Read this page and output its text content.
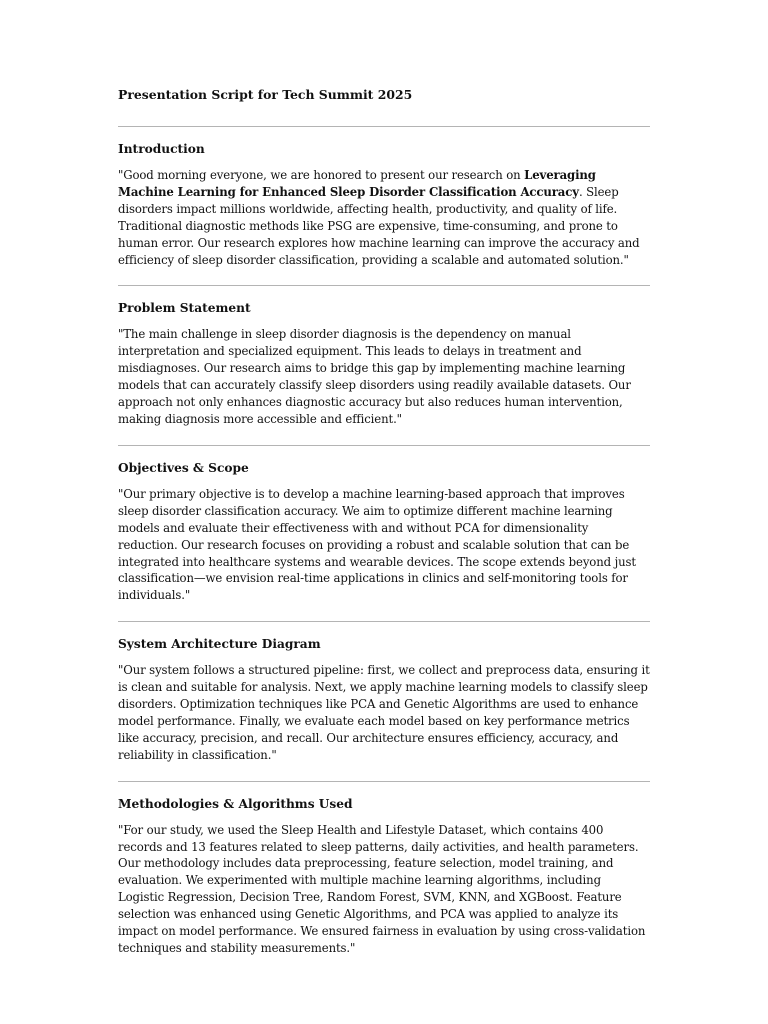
Presentation Script for Tech Summit 2025
Introduction

"Good morning everyone, we are honored to present our research on Leveraging Machine Learning for Enhanced Sleep Disorder Classification Accuracy. Sleep disorders impact millions worldwide, affecting health, productivity, and quality of life. Traditional diagnostic methods like PSG are expensive, time-consuming, and prone to human error. Our research explores how machine learning can improve the accuracy and efficiency of sleep disorder classification, providing a scalable and automated solution."

Problem Statement

"The main challenge in sleep disorder diagnosis is the dependency on manual interpretation and specialized equipment. This leads to delays in treatment and misdiagnoses. Our research aims to bridge this gap by implementing machine learning models that can accurately classify sleep disorders using readily available datasets. Our approach not only enhances diagnostic accuracy but also reduces human intervention, making diagnosis more accessible and efficient."

Objectives & Scope

"Our primary objective is to develop a machine learning-based approach that improves sleep disorder classification accuracy. We aim to optimize different machine learning models and evaluate their effectiveness with and without PCA for dimensionality reduction. Our research focuses on providing a robust and scalable solution that can be integrated into healthcare systems and wearable devices. The scope extends beyond just classification—we envision real-time applications in clinics and self-monitoring tools for individuals."

System Architecture Diagram

"Our system follows a structured pipeline: first, we collect and preprocess data, ensuring it is clean and suitable for analysis. Next, we apply machine learning models to classify sleep disorders. Optimization techniques like PCA and Genetic Algorithms are used to enhance model performance. Finally, we evaluate each model based on key performance metrics like accuracy, precision, and recall. Our architecture ensures efficiency, accuracy, and reliability in classification."

Methodologies & Algorithms Used

"For our study, we used the Sleep Health and Lifestyle Dataset, which contains 400 records and 13 features related to sleep patterns, daily activities, and health parameters. Our methodology includes data preprocessing, feature selection, model training, and evaluation. We experimented with multiple machine learning algorithms, including Logistic Regression, Decision Tree, Random Forest, SVM, KNN, and XGBoost. Feature selection was enhanced using Genetic Algorithms, and PCA was applied to analyze its impact on model performance. We ensured fairness in evaluation by using cross-validation techniques and stability measurements."
